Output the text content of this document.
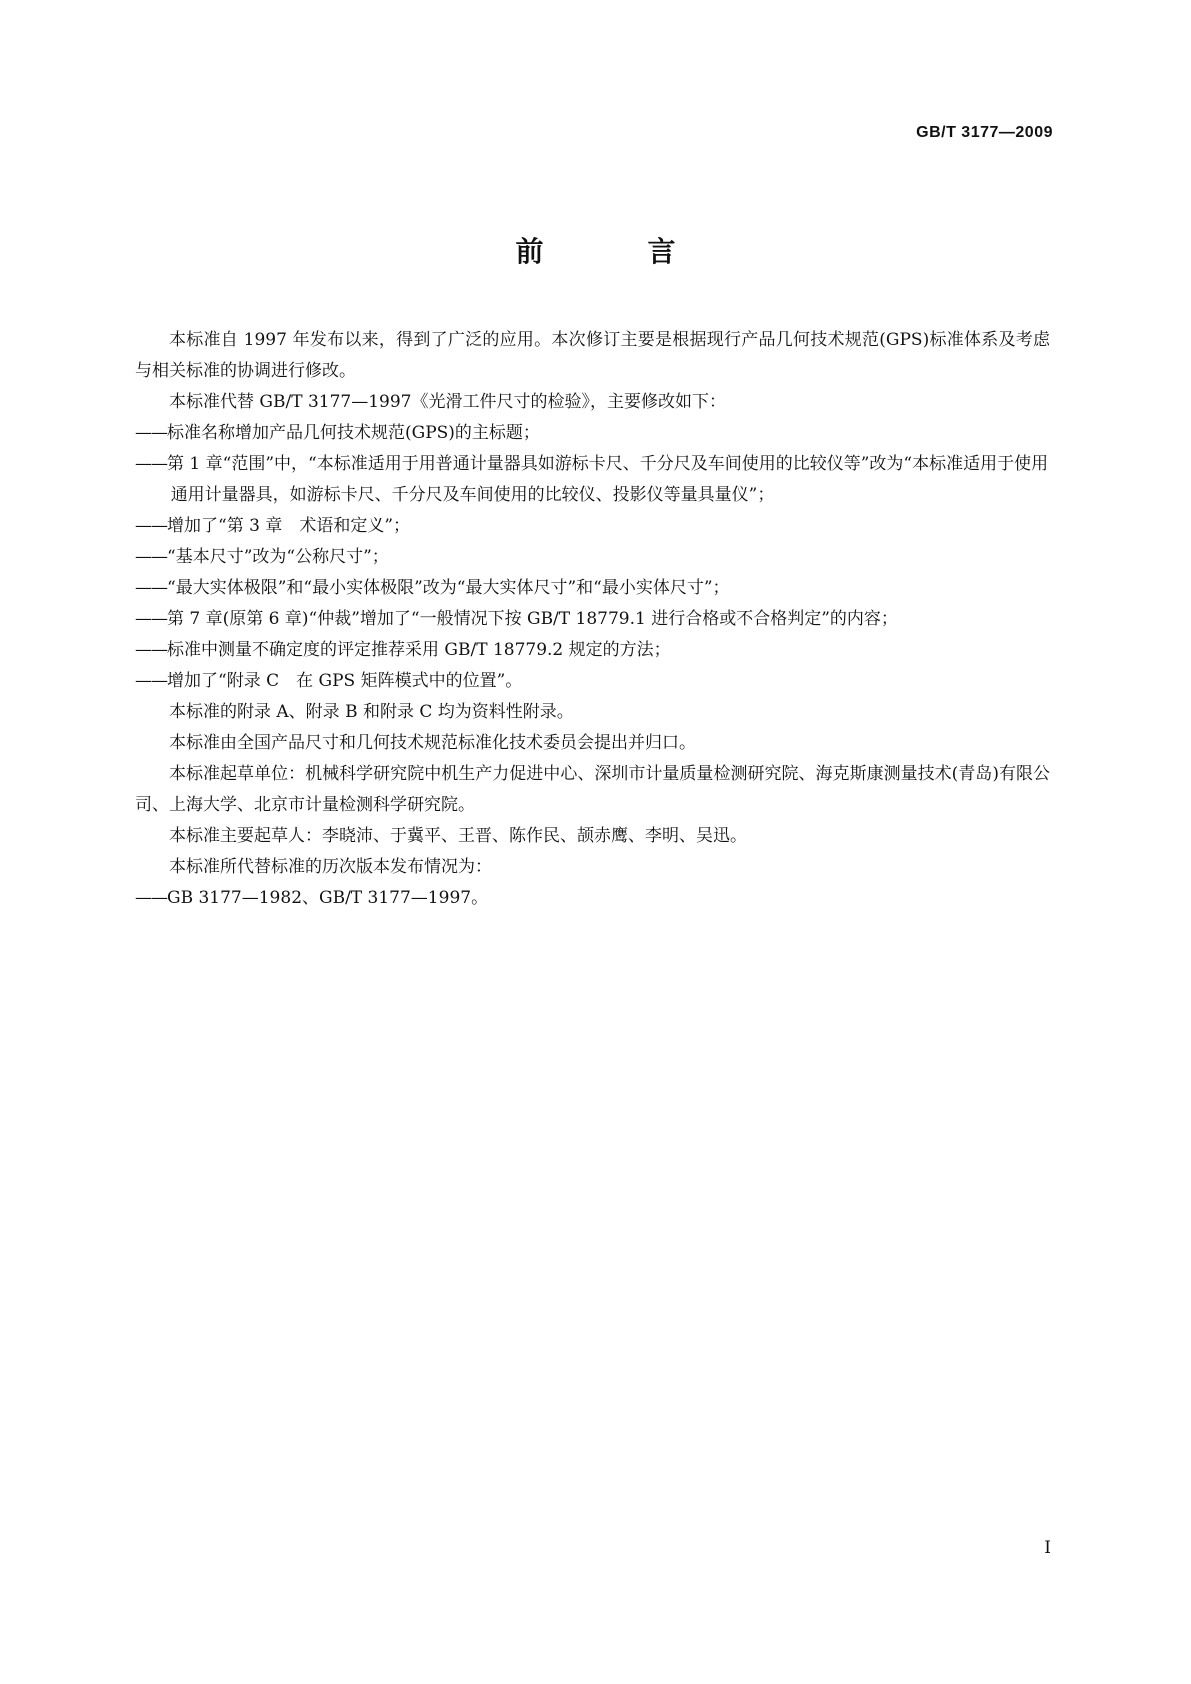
GB/T 3177—2009
前　言

本标准自 1997 年发布以来，得到了广泛的应用。本次修订主要是根据现行产品几何技术规范(GPS)标准体系及考虑与相关标准的协调进行修改。

本标准代替 GB/T 3177—1997《光滑工件尺寸的检验》，主要修改如下：

——标准名称增加产品几何技术规范(GPS)的主标题；

——第 1 章“范围”中，“本标准适用于用普通计量器具如游标卡尺、千分尺及车间使用的比较仪等”改为“本标准适用于使用通用计量器具，如游标卡尺、千分尺及车间使用的比较仪、投影仪等量具量仪”；

——增加了“第 3 章　术语和定义”；

——“基本尺寸”改为“公称尺寸”；

——“最大实体极限”和“最小实体极限”改为“最大实体尺寸”和“最小实体尺寸”；

——第 7 章(原第 6 章)“仲裁”增加了“一般情况下按 GB/T 18779.1 进行合格或不合格判定”的内容；

——标准中测量不确定度的评定推荐采用 GB/T 18779.2 规定的方法；

——增加了“附录 C　在 GPS 矩阵模式中的位置”。

本标准的附录 A、附录 B 和附录 C 均为资料性附录。

本标准由全国产品尺寸和几何技术规范标准化技术委员会提出并归口。

本标准起草单位：机械科学研究院中机生产力促进中心、深圳市计量质量检测研究院、海克斯康测量技术(青岛)有限公司、上海大学、北京市计量检测科学研究院。

本标准主要起草人：李晓沛、于冀平、王晋、陈作民、颉赤鹰、李明、吴迅。

本标准所代替标准的历次版本发布情况为：

——GB 3177—1982、GB/T 3177—1997。

I
